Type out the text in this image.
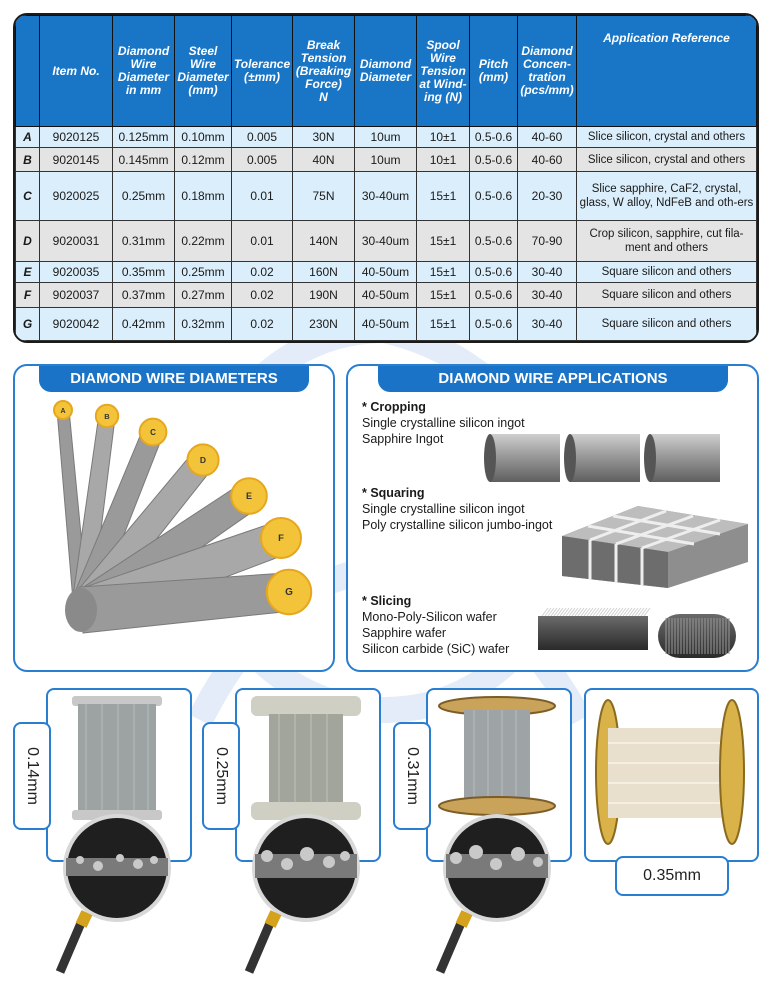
	Item No.	Diamond
Wire
Diameter
in mm	Steel
Wire
Diameter
(mm)	Tolerance
(±mm)	Break
Tension
(Breaking
Force)
N	Diamond
Diameter	Spool
Wire
Tension
at Wind-
ing (N)	Pitch
(mm)	Diamond
Concen-
tration
(pcs/mm)	Application Reference
A	9020125	0.125mm	0.10mm	0.005	30N	10um	10±1	0.5-0.6	40-60	Slice silicon, crystal and others
B	9020145	0.145mm	0.12mm	0.005	40N	10um	10±1	0.5-0.6	40-60	Slice silicon, crystal and others
C	9020025	0.25mm	0.18mm	0.01	75N	30-40um	15±1	0.5-0.6	20-30	Slice sapphire, CaF2, crystal, glass, W alloy, NdFeB and oth-ers
D	9020031	0.31mm	0.22mm	0.01	140N	30-40um	15±1	0.5-0.6	70-90	Crop silicon, sapphire, cut fila-ment and others
E	9020035	0.35mm	0.25mm	0.02	160N	40-50um	15±1	0.5-0.6	30-40	Square silicon and others
F	9020037	0.37mm	0.27mm	0.02	190N	40-50um	15±1	0.5-0.6	30-40	Square silicon and others
G	9020042	0.42mm	0.32mm	0.02	230N	40-50um	15±1	0.5-0.6	30-40	Square silicon and others
DIAMOND WIRE DIAMETERS
A
B
C
D
E
F
G
DIAMOND WIRE APPLICATIONS
* Cropping
Single crystalline silicon ingot
Sapphire Ingot
* Squaring
Single crystalline silicon ingot
Poly crystalline silicon jumbo-ingot
* Slicing
Mono-Poly-Silicon wafer
Sapphire wafer
Silicon carbide (SiC) wafer
0.14mm	0.25mm	0.31mm
0.35mm
